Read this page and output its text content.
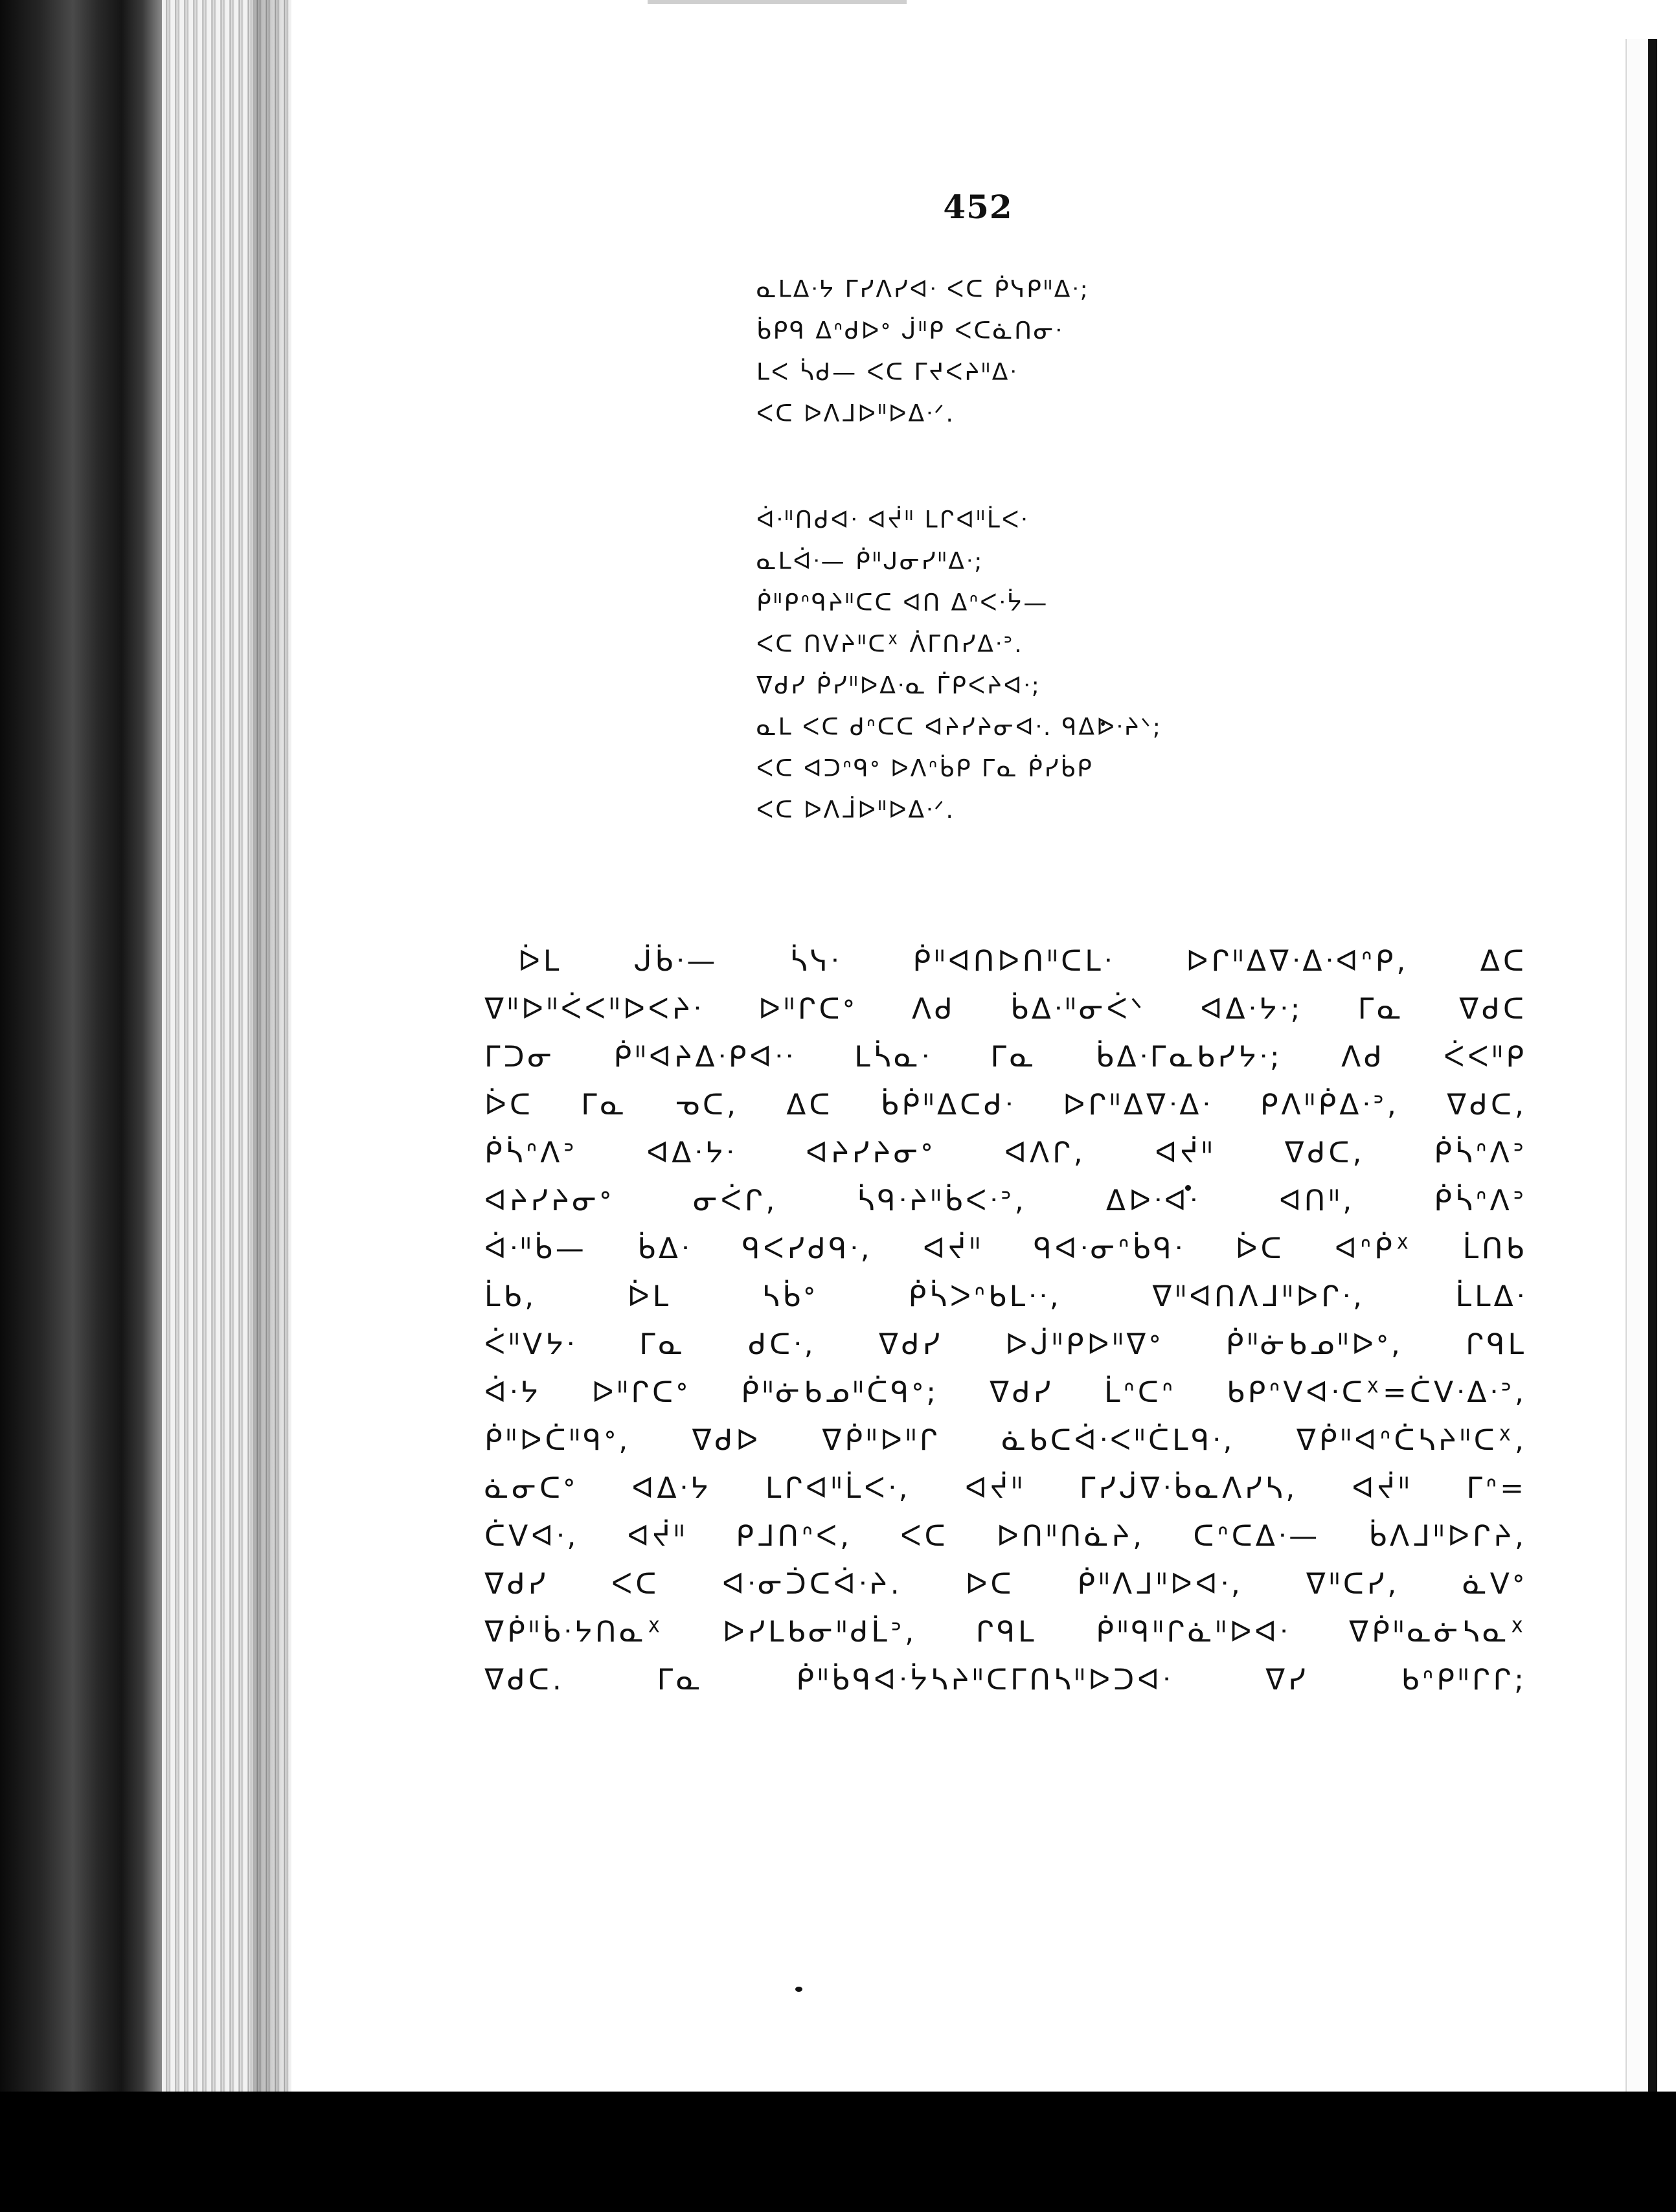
452
ᓇᒪᐃᐧᔭ ᒥᓯᐱᓯᐊᐧ ᐸᑕ ᑮᓭᑭᐦᐃᐧ;
ᑳᑭᑫ ᐃᐢᑯᐅᐤ ᒎᐦᑭ ᐸᑕᓈᑎᓂᐧ
ᒪᐸ ᓵᑯ— ᐸᑕ ᒥᔪᐸᔨᐦᐃᐧ
ᐸᑕ ᐅᐱᒧᐅᐦᐅᐃᐧᐟ.
ᐋᐧᐦᑎᑯᐊᐧ ᐊᔫᐦ ᒪᒋᐊᐦᒫᐸᐧ
ᓇᒪᐋᐧ— ᑮᐦᒍᓂᓯᐦᐃᐧ;
ᑮᐦᑭᐢᑫᔨᐦᑕᑕ ᐊᑎ ᐃᐢᐸᐧᔮ—
ᐸᑕ ᑎᐯᔨᐦᑕᕽ ᐲᒥᑎᓯᐃᐧᐣ.
ᐁᑯᓯ ᑮᓯᐦᐅᐃᐧᓇ ᒦᑭᐸᔨᐊᐧ;
ᓇᒪ ᐸᑕ ᑯᐢᑕᑕ ᐊᔨᓯᔨᓂᐊᐧ. ᑫᐃᐅᐧᔨᐠ;
ᐸᑕ ᐊᑐᐢᑫᐤ ᐅᐱᐢᑳᑭ ᒥᓇ ᑮᓯᑳᑭ
ᐸᑕ ᐅᐱᒨᐅᐦᐅᐃᐧᐟ.
ᐆᒪ ᒎᑳᐧ— ᓵᓭᐧ ᑮᐦᐊᑎᐅᑎᐦᑕᒪᐧ ᐅᒋᐦᐃᐁᐧᐃᐧᐊᐢᑭ, ᐃᑕ
ᐁᐦᐅᐦᐹᐸᐦᐅᐸᔨᐧ ᐅᐦᒋᑕᐤ ᐱᑯ ᑳᐃᐧᐦᓂᐹᐠ ᐊᐃᐧᔭᐧ; ᒥᓇ ᐁᑯᑕ
ᒥᑐᓂ ᑮᐦᐊᔨᐃᐧᑭᐊᐧᐧ ᒪᓵᓇᐧ ᒥᓇ ᑳᐃᐧᒥᓇᑲᓯᔭᐧ; ᐱᑯ ᐹᐸᐦᑭ
ᐆᑕ ᒥᓇ ᓀᑕ, ᐃᑕ ᑳᑮᐦᐃᑕᑯᐧ ᐅᒋᐦᐃᐁᐧᐃᐧ ᑭᐱᐦᑮᐃᐧᐣ, ᐁᑯᑕ,
ᑮᓵᐢᐱᐣ ᐊᐃᐧᔭᐧ ᐊᔨᓯᔨᓂᐤ ᐊᐱᒋ, ᐊᔫᐦ ᐁᑯᑕ, ᑮᓵᐢᐱᐣ
ᐊᔨᓯᔨᓂᐤ ᓂᐹᒋ, ᓵᑫᐧᔨᐦᑳᐸᐧᐣ, ᐃᐅᐧᐊᐧ ᐊᑎᐦ, ᑮᓵᐢᐱᐣ
ᐋᐧᐦᑳ— ᑳᐃᐧ ᑫᐸᓯᑯᑫᐧ, ᐊᔫᐦ ᑫᐊᐧᓂᐢᑳᑫᐧ ᐆᑕ ᐊᐢᑮᕽ ᒫᑎᑲ
ᒫᑲ, ᐆᒪ ᓴᑳᐤ ᑮᓵᐳᐢᑲᒪᐧᐧ, ᐁᐦᐊᑎᐱᒧᐦᐅᒋᐧ, ᒫᒪᐃᐧ
ᐹᐦᐯᔭᐧ ᒥᓇ ᑯᑕᐧ, ᐁᑯᓯ ᐅᒎᐦᑭᐅᐦᐁᐤ ᑮᐦᓃᑲᓄᐦᐅᐤ, ᒋᑫᒪ
ᐋᐧᔭ ᐅᐦᒋᑕᐤ ᑮᐦᓃᑲᓄᐦᑖᑫᐤ; ᐁᑯᓯ ᒫᐢᑕᐢ ᑲᑭᐢᐯᐊᐧᑕᕽ=ᑖᐯᐧᐃᐧᐣ,
ᑮᐦᐅᑖᐦᑫᐤ, ᐁᑯᐅ ᐁᑮᐦᐅᐦᒋ ᓈᑲᑕᐋᐧᐸᐦᑖᒪᑫᐧ, ᐁᑮᐦᐊᐢᑖᓴᔨᐦᑕᕽ,
ᓈᓂᑕᐤ ᐊᐃᐧᔭ ᒪᒋᐊᐦᒫᐸᐧ, ᐊᔫᐦ ᒥᓯᒎᐁᐧᑳᓇᐱᓯᓴ, ᐊᔫᐦ ᒥᐢ=
ᑖᐯᐊᐧ, ᐊᔫᐦ ᑭᒧᑎᐢᐸ, ᐸᑕ ᐅᑎᐦᑎᓈᔨ, ᑕᐢᑕᐃᐧ— ᑳᐱᒧᐦᐅᒋᔨ,
ᐁᑯᓯ ᐸᑕ ᐊᐧᓂᑑᑕᐋᐧᔨ. ᐅᑕ ᑮᐦᐱᒧᐦᐅᐊᐧ, ᐁᐦᑕᓯ, ᓈᐯᐤ
ᐁᑮᐦᑳᐧᔭᑎᓇᕽ ᐅᓯᒪᑲᓂᐦᑯᒫᐣ, ᒋᑫᒪ ᑮᐦᑫᐦᒋᓈᐦᐅᐊᐧ ᐁᑮᐦᓇᓃᓴᓇᕽ
ᐁᑯᑕ. ᒥᓇ ᑮᐦᑳᑫᐊᐧᔮᓴᔨᐦᑕᒥᑎᓴᐦᐅᑐᐊᐧ ᐁᓯ ᑲᐢᑭᐦᒋᒋ;
